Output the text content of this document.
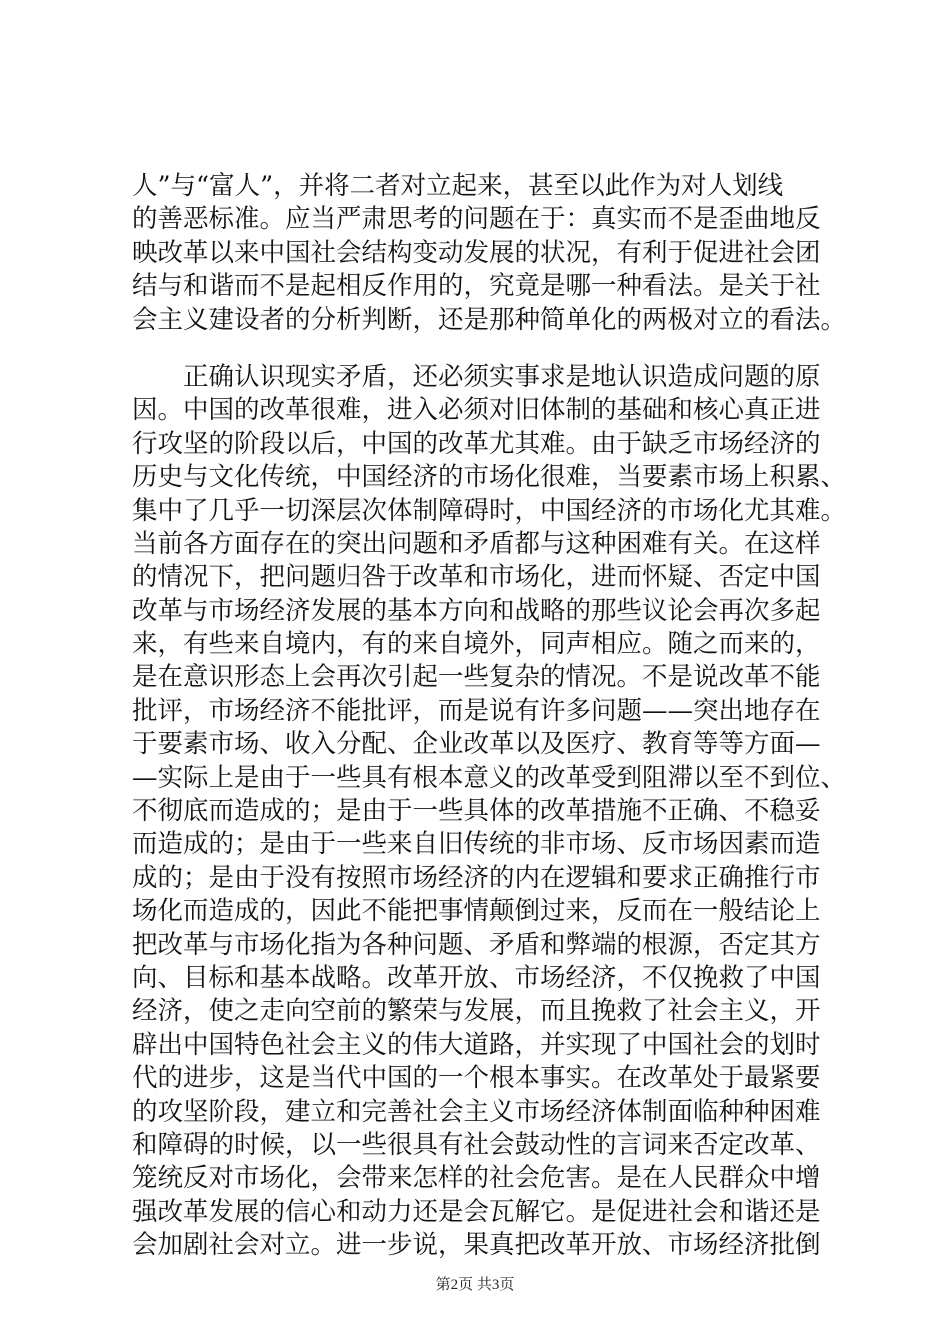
人”与“富人”，并将二者对立起来，甚至以此作为对人划线
的善恶标准。应当严肃思考的问题在于：真实而不是歪曲地反
映改革以来中国社会结构变动发展的状况，有利于促进社会团
结与和谐而不是起相反作用的，究竟是哪一种看法。是关于社
会主义建设者的分析判断，还是那种简单化的两极对立的看法。
　　正确认识现实矛盾，还必须实事求是地认识造成问题的原
因。中国的改革很难，进入必须对旧体制的基础和核心真正进
行攻坚的阶段以后，中国的改革尤其难。由于缺乏市场经济的
历史与文化传统，中国经济的市场化很难，当要素市场上积累、
集中了几乎一切深层次体制障碍时，中国经济的市场化尤其难。
当前各方面存在的突出问题和矛盾都与这种困难有关。在这样
的情况下，把问题归咎于改革和市场化，进而怀疑、否定中国
改革与市场经济发展的基本方向和战略的那些议论会再次多起
来，有些来自境内，有的来自境外，同声相应。随之而来的，
是在意识形态上会再次引起一些复杂的情况。不是说改革不能
批评，市场经济不能批评，而是说有许多问题——突出地存在
于要素市场、收入分配、企业改革以及医疗、教育等等方面—
—实际上是由于一些具有根本意义的改革受到阻滞以至不到位、
不彻底而造成的；是由于一些具体的改革措施不正确、不稳妥
而造成的；是由于一些来自旧传统的非市场、反市场因素而造
成的；是由于没有按照市场经济的内在逻辑和要求正确推行市
场化而造成的，因此不能把事情颠倒过来，反而在一般结论上
把改革与市场化指为各种问题、矛盾和弊端的根源，否定其方
向、目标和基本战略。改革开放、市场经济，不仅挽救了中国
经济，使之走向空前的繁荣与发展，而且挽救了社会主义，开
辟出中国特色社会主义的伟大道路，并实现了中国社会的划时
代的进步，这是当代中国的一个根本事实。在改革处于最紧要
的攻坚阶段，建立和完善社会主义市场经济体制面临种种困难
和障碍的时候，以一些很具有社会鼓动性的言词来否定改革、
笼统反对市场化，会带来怎样的社会危害。是在人民群众中增
强改革发展的信心和动力还是会瓦解它。是促进社会和谐还是
会加剧社会对立。进一步说，果真把改革开放、市场经济批倒
第2页 共3页
